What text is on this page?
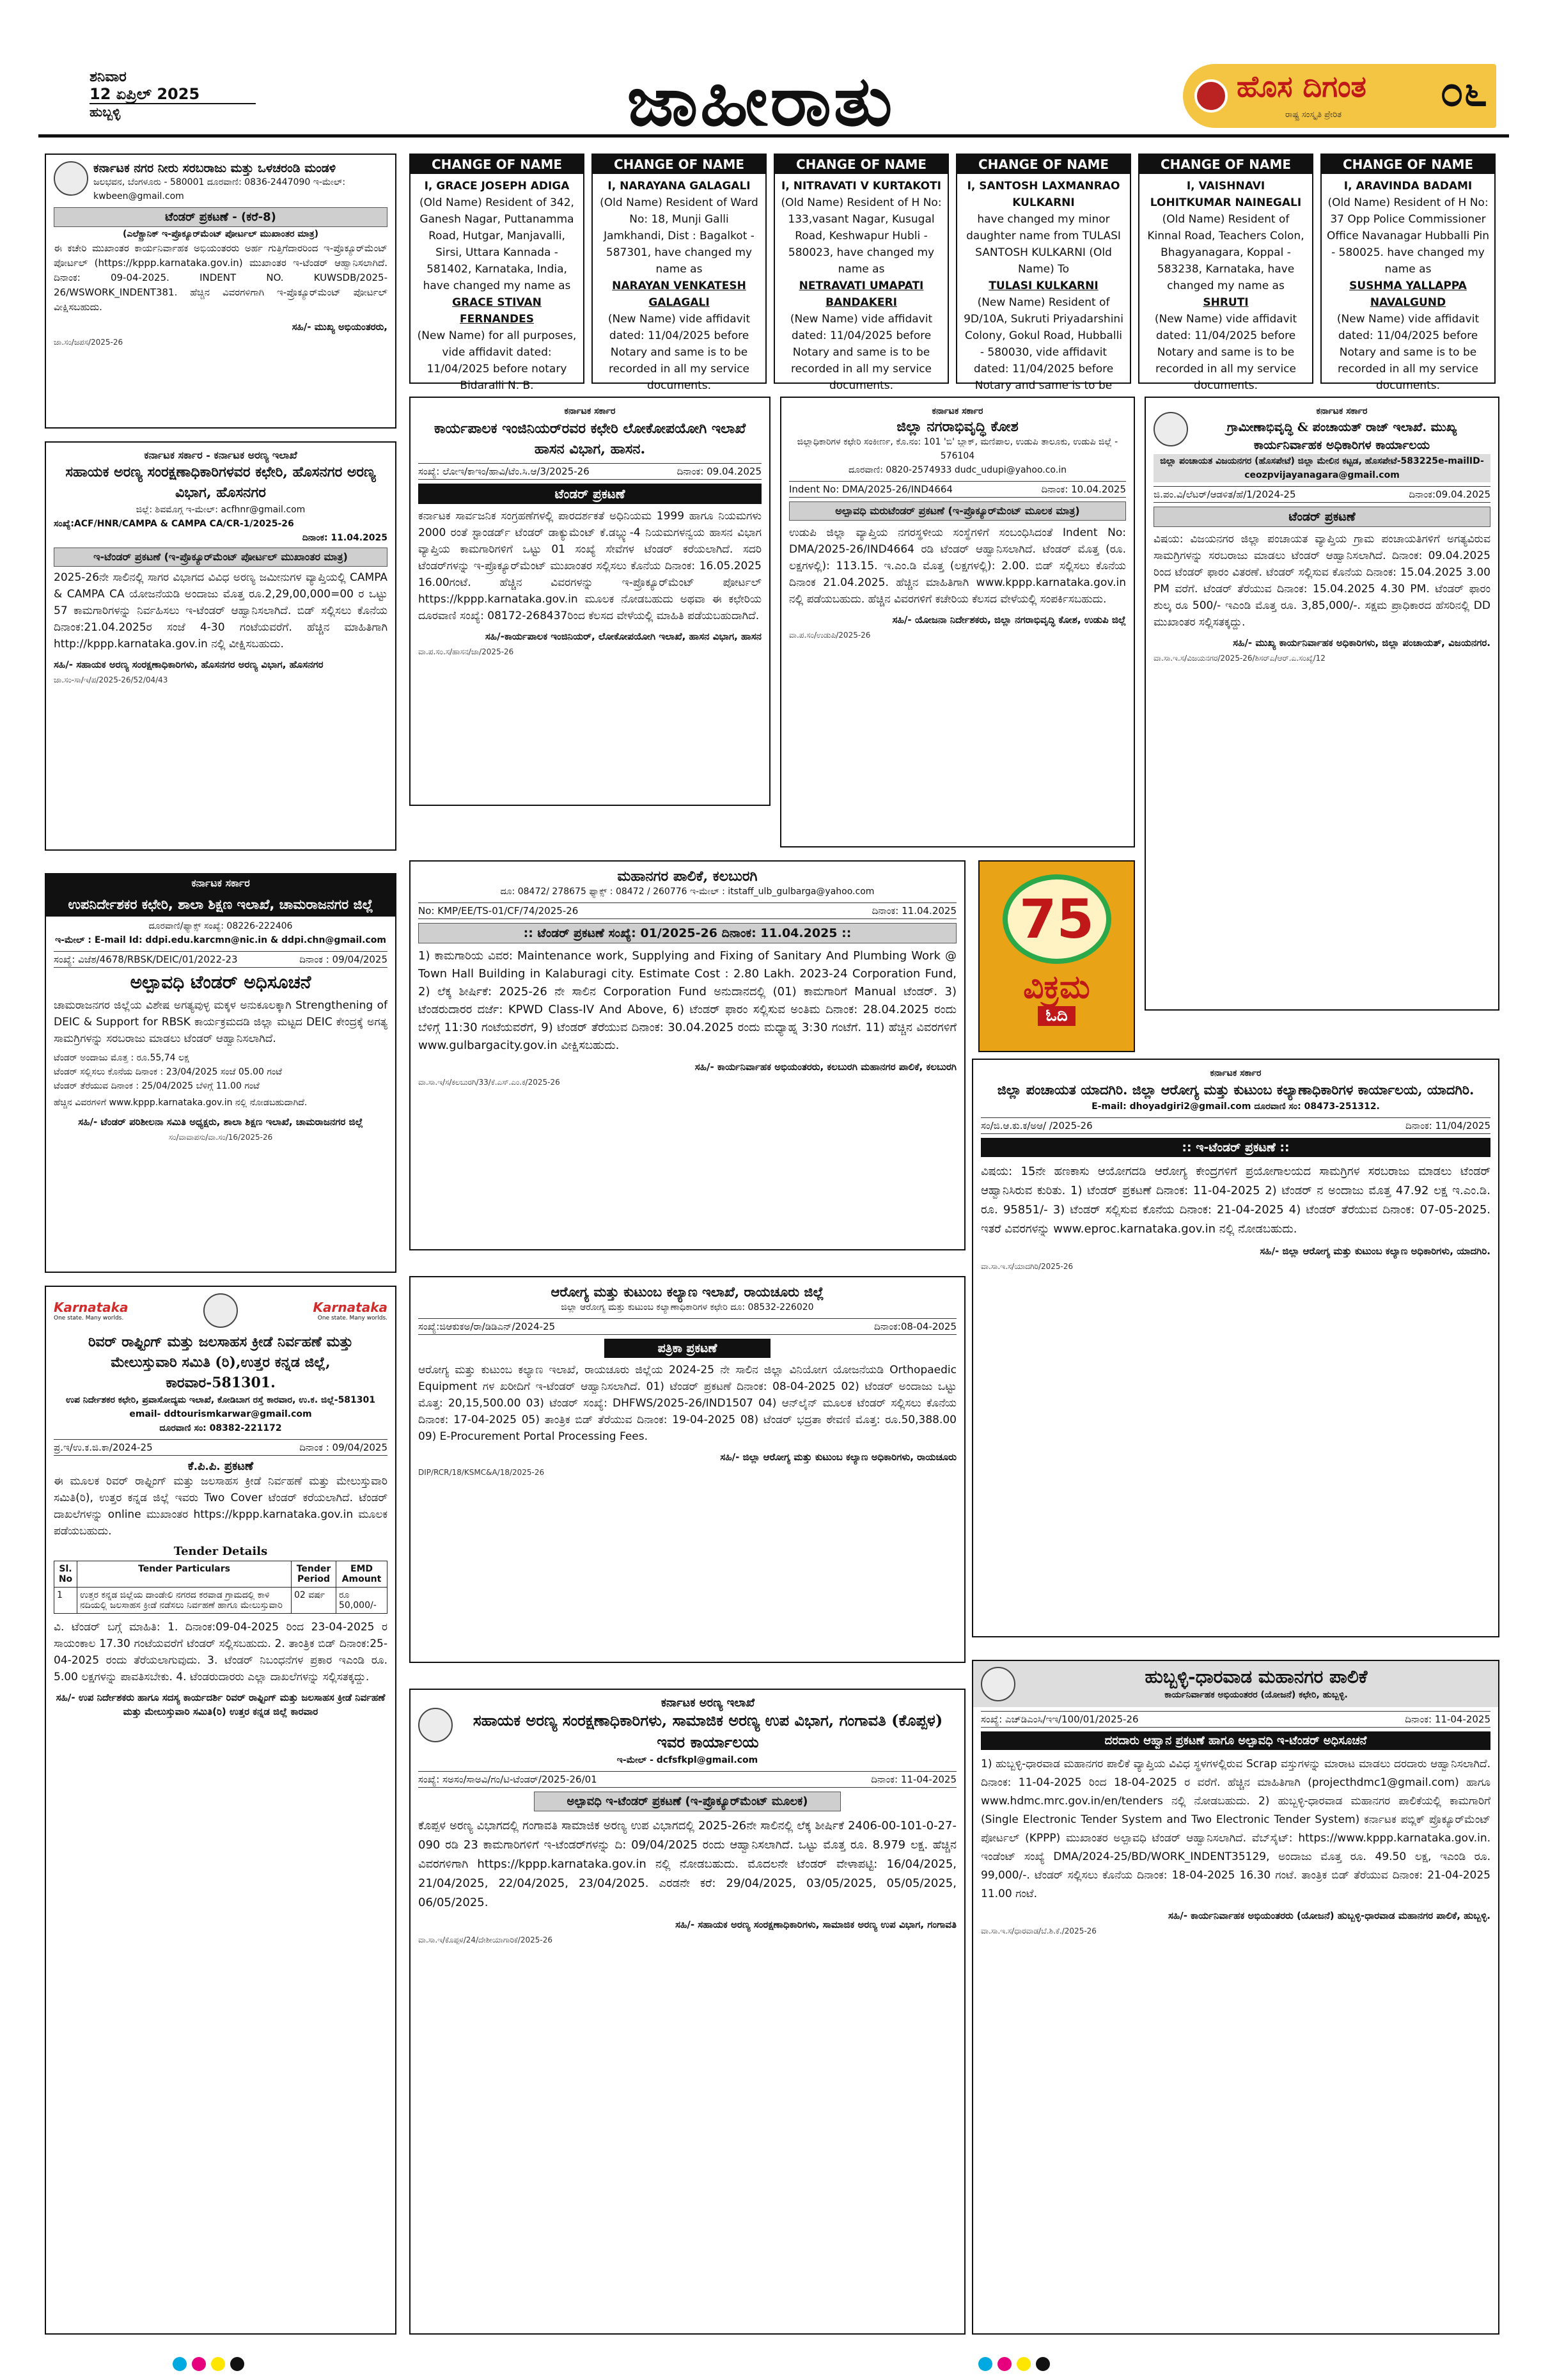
ಶನಿವಾರ
12 ಏಪ್ರಿಲ್ 2025
ಹುಬ್ಬಳ್ಳಿ	ಜಾಹೀರಾತು	ಹೊಸ ದಿಗಂತ
ರಾಷ್ಟ್ರ ಸಂಸ್ಕೃತಿ ಪ್ರೇರಿತ ೦೬
CHANGE OF NAME
I, GRACE JOSEPH ADIGA
(Old Name) Resident of 342, Ganesh Nagar, Puttanamma Road, Hutgar, Manjavalli, Sirsi, Uttara Kannada - 581402, Karnataka, India, have changed my name as
GRACE STIVAN FERNANDES
(New Name) for all purposes, vide affidavit dated: 11/04/2025 before notary Bidaralli N. B.
CHANGE OF NAME
I, NARAYANA GALAGALI
(Old Name) Resident of Ward No: 18, Munji Galli Jamkhandi, Dist : Bagalkot - 587301, have changed my name as
NARAYAN VENKATESH GALAGALI
(New Name) vide affidavit dated: 11/04/2025 before Notary and same is to be recorded in all my service documents.
CHANGE OF NAME
I, NITRAVATI V KURTAKOTI
(Old Name) Resident of H No: 133,vasant Nagar, Kusugal Road, Keshwapur Hubli - 580023, have changed my name as
NETRAVATI UMAPATI BANDAKERI
(New Name) vide affidavit dated: 11/04/2025 before Notary and same is to be recorded in all my service documents.
CHANGE OF NAME
I, SANTOSH LAXMANRAO KULKARNI
have changed my minor daughter name from TULASI SANTOSH KULKARNI (Old Name) To
TULASI KULKARNI
(New Name) Resident of 9D/10A, Sukruti Priyadarshini Colony, Gokul Road, Hubballi - 580030, vide affidavit dated: 11/04/2025 before Notary and same is to be
CHANGE OF NAME
I, VAISHNAVI LOHITKUMAR NAINEGALI
(Old Name) Resident of Kinnal Road, Teachers Colon, Bhagyanagara, Koppal - 583238, Karnataka, have changed my name as
SHRUTI
(New Name) vide affidavit dated: 11/04/2025 before Notary and same is to be recorded in all my service documents.
CHANGE OF NAME
I, ARAVINDA BADAMI
(Old Name) Resident of H No: 37 Opp Police Commissioner Office Navanagar Hubballi Pin - 580025. have changed my name as
SUSHMA YALLAPPA NAVALGUND
(New Name) vide affidavit dated: 11/04/2025 before Notary and same is to be recorded in all my service documents.
ಕರ್ನಾಟಕ ನಗರ ನೀರು ಸರಬರಾಜು ಮತ್ತು ಒಳಚರಂಡಿ ಮಂಡಳಿ
ಜಲಭವನ, ಬೆಂಗಳೂರು - 580001 ದೂರವಾಣಿ: 0836-2447090 ಇ-ಮೇಲ್: kwbeen@gmail.com
ಟೆಂಡರ್ ಪ್ರಕಟಣೆ - (ಕರೆ-8)
(ಎಲೆಕ್ಟ್ರಾನಿಕ್ ಇ-ಪ್ರೊಕ್ಯೂರ್‌ಮೆಂಟ್ ಪೋರ್ಟಲ್ ಮುಖಾಂತರ ಮಾತ್ರ)
ಈ ಕಚೇರಿ ಮುಖಾಂತರ ಕಾರ್ಯನಿರ್ವಾಹಕ ಅಭಿಯಂತರರು ಅರ್ಹ ಗುತ್ತಿಗೆದಾರರಿಂದ ಇ-ಪ್ರೊಕ್ಯೂರ್‌ಮೆಂಟ್ ಪೋರ್ಟಲ್ (https://kppp.karnataka.gov.in) ಮುಖಾಂತರ ಇ-ಟೆಂಡರ್ ಆಹ್ವಾನಿಸಲಾಗಿದೆ. ದಿನಾಂಕ: 09-04-2025. INDENT NO. KUWSDB/2025-26/WSWORK_INDENT381. ಹೆಚ್ಚಿನ ವಿವರಗಳಿಗಾಗಿ ಇ-ಪ್ರೊಕ್ಯೂರ್‌ಮೆಂಟ್ ಪೋರ್ಟಲ್ ವೀಕ್ಷಿಸಬಹುದು.
ಸಹಿ/- ಮುಖ್ಯ ಅಭಿಯಂತರರು,
ಜಾ.ಸಂ/ಜಪಸ/2025-26
ಕರ್ನಾಟಕ ಸರ್ಕಾರ - ಕರ್ನಾಟಕ ಅರಣ್ಯ ಇಲಾಖೆ
ಸಹಾಯಕ ಅರಣ್ಯ ಸಂರಕ್ಷಣಾಧಿಕಾರಿಗಳವರ ಕಛೇರಿ, ಹೊಸನಗರ ಅರಣ್ಯ ವಿಭಾಗ, ಹೊಸನಗರ
ಜಿಲ್ಲೆ: ಶಿವಮೊಗ್ಗ ಇ-ಮೇಲ್: acfhnr@gmail.com
ಸಂಖ್ಯೆ:ACF/HNR/CAMPA & CAMPA CA/CR-1/2025-26
ದಿನಾಂಕ: 11.04.2025
ಇ-ಟೆಂಡರ್ ಪ್ರಕಟಣೆ (ಇ-ಪ್ರೊಕ್ಯೂರ್‌ಮೆಂಟ್ ಪೋರ್ಟಲ್ ಮುಖಾಂತರ ಮಾತ್ರ)
2025-26ನೇ ಸಾಲಿನಲ್ಲಿ ಸಾಗರ ವಿಭಾಗದ ವಿವಿಧ ಅರಣ್ಯ ಜಮೀನುಗಳ ವ್ಯಾಪ್ತಿಯಲ್ಲಿ CAMPA & CAMPA CA ಯೋಜನೆಯಡಿ ಅಂದಾಜು ಮೊತ್ತ ರೂ.2,29,00,000=00 ರ ಒಟ್ಟು 57 ಕಾಮಗಾರಿಗಳನ್ನು ನಿರ್ವಹಿಸಲು ಇ-ಟೆಂಡರ್ ಆಹ್ವಾನಿಸಲಾಗಿದೆ. ಬಿಡ್ ಸಲ್ಲಿಸಲು ಕೊನೆಯ ದಿನಾಂಕ:21.04.2025ರ ಸಂಜೆ 4-30 ಗಂಟೆಯವರೆಗೆ. ಹೆಚ್ಚಿನ ಮಾಹಿತಿಗಾಗಿ http://kppp.karnataka.gov.in ನಲ್ಲಿ ವೀಕ್ಷಿಸಬಹುದು.
ಸಹಿ/- ಸಹಾಯಕ ಅರಣ್ಯ ಸಂರಕ್ಷಣಾಧಿಕಾರಿಗಳು, ಹೊಸನಗರ ಅರಣ್ಯ ವಿಭಾಗ, ಹೊಸನಗರ
ಜಾ.ಸಂ-ಸಾ/ಇ/ಪ/2025-26/52/04/43
ಕರ್ನಾಟಕ ಸರ್ಕಾರ
ಉಪನಿರ್ದೇಶಕರ ಕಛೇರಿ, ಶಾಲಾ ಶಿಕ್ಷಣ ಇಲಾಖೆ, ಚಾಮರಾಜನಗರ ಜಿಲ್ಲೆ
ದೂರವಾಣಿ/ಫ್ಯಾಕ್ಸ್ ಸಂಖ್ಯೆ: 08226-222406
ಇ-ಮೇಲ್ : E-mail Id: ddpi.edu.karcmn@nic.in & ddpi.chn@gmail.com
ಸಂಖ್ಯೆ: ವಿಜೆಶ/4678/RBSK/DEIC/01/2022-23	ದಿನಾಂಕ : 09/04/2025
ಅಲ್ಪಾವಧಿ ಟೆಂಡರ್ ಅಧಿಸೂಚನೆ
ಚಾಮರಾಜನಗರ ಜಿಲ್ಲೆಯ ವಿಶೇಷ ಅಗತ್ಯವುಳ್ಳ ಮಕ್ಕಳ ಅನುಕೂಲಕ್ಕಾಗಿ Strengthening of DEIC & Support for RBSK ಕಾರ್ಯಕ್ರಮದಡಿ ಜಿಲ್ಲಾ ಮಟ್ಟದ DEIC ಕೇಂದ್ರಕ್ಕೆ ಅಗತ್ಯ ಸಾಮಗ್ರಿಗಳನ್ನು ಸರಬರಾಜು ಮಾಡಲು ಟೆಂಡರ್ ಆಹ್ವಾನಿಸಲಾಗಿದೆ.
ಟೆಂಡರ್ ಅಂದಾಜು ಮೊತ್ತ : ರೂ.55,74 ಲಕ್ಷ
ಟೆಂಡರ್ ಸಲ್ಲಿಸಲು ಕೊನೆಯ ದಿನಾಂಕ : 23/04/2025 ಸಂಜೆ 05.00 ಗಂಟೆ
ಟೆಂಡರ್ ತೆರೆಯುವ ದಿನಾಂಕ : 25/04/2025 ಬೆಳಿಗ್ಗೆ 11.00 ಗಂಟೆ
ಹೆಚ್ಚಿನ ವಿವರಗಳಿಗೆ www.kppp.karnataka.gov.in ನಲ್ಲಿ ನೋಡಬಹುದಾಗಿದೆ.
ಸಹಿ/- ಟೆಂಡರ್ ಪರಿಶೀಲನಾ ಸಮಿತಿ ಅಧ್ಯಕ್ಷರು, ಶಾಲಾ ಶಿಕ್ಷಣ ಇಲಾಖೆ, ಚಾಮರಾಜನಗರ ಜಿಲ್ಲೆ
ಸಂ/ವಾವಾಪಸು/ವಾ.ಸಂ/16/2025-26
Karnataka
One state. Many worlds.
Karnataka
One state. Many worlds.
ರಿವರ್ ರಾಫ್ಟಿಂಗ್ ಮತ್ತು ಜಲಸಾಹಸ ಕ್ರೀಡೆ ನಿರ್ವಹಣೆ ಮತ್ತು ಮೇಲುಸ್ತುವಾರಿ ಸಮಿತಿ (ರಿ),ಉತ್ತರ ಕನ್ನಡ ಜಿಲ್ಲೆ, ಕಾರವಾರ-581301.
ಉಪ ನಿರ್ದೇಶಕರ ಕಛೇರಿ, ಪ್ರವಾಸೋದ್ಯಮ ಇಲಾಖೆ, ಕೋಡಿಬಾಗ ರಸ್ತೆ ಕಾರವಾರ, ಉ.ಕ. ಜಿಲ್ಲೆ-581301
email- ddtourismkarwar@gmail.com
ದೂರವಾಣಿ ಸಂ: 08382-221172
ಪ್ರ.ಇ/ಉ.ಕ.ಜಿ.ಕಾ/2024-25	ದಿನಾಂಕ : 09/04/2025
ಕೆ.ಪಿ.ಪಿ. ಪ್ರಕಟಣೆ
ಈ ಮೂಲಕ ರಿವರ್ ರಾಫ್ಟಿಂಗ್ ಮತ್ತು ಜಲಸಾಹಸ ಕ್ರೀಡೆ ನಿರ್ವಹಣೆ ಮತ್ತು ಮೇಲುಸ್ತುವಾರಿ ಸಮಿತಿ(ರಿ), ಉತ್ತರ ಕನ್ನಡ ಜಿಲ್ಲೆ ಇವರು Two Cover ಟೆಂಡರ್ ಕರೆಯಲಾಗಿದೆ. ಟೆಂಡರ್ ದಾಖಲೆಗಳನ್ನು online ಮುಖಾಂತರ https://kppp.karnataka.gov.in ಮೂಲಕ ಪಡೆಯಬಹುದು.
Tender Details
Sl. No	Tender Particulars	Tender Period	EMD Amount
1	ಉತ್ತರ ಕನ್ನಡ ಜಿಲ್ಲೆಯ ದಾಂಡೇಲಿ ನಗರದ ಕರವಾಡ ಗ್ರಾಮದಲ್ಲಿ ಕಾಳಿ ನದಿಯಲ್ಲಿ ಜಲಸಾಹಸ ಕ್ರೀಡೆ ನಡೆಸಲು ನಿರ್ವಹಣೆ ಹಾಗೂ ಮೇಲುಸ್ತುವಾರಿ	02 ವರ್ಷ	ರೂ 50,000/-
ವಿ. ಟೆಂಡರ್ ಬಗ್ಗೆ ಮಾಹಿತಿ: 1. ದಿನಾಂಕ:09-04-2025 ರಿಂದ 23-04-2025 ರ ಸಾಯಂಕಾಲ 17.30 ಗಂಟೆಯವರೆಗೆ ಟೆಂಡರ್ ಸಲ್ಲಿಸಬಹುದು. 2. ತಾಂತ್ರಿಕ ಬಿಡ್ ದಿನಾಂಕ:25-04-2025 ರಂದು ತೆರೆಯಲಾಗುವುದು. 3. ಟೆಂಡರ್ ನಿಬಂಧನೆಗಳ ಪ್ರಕಾರ ಇಎಂಡಿ ರೂ. 5.00 ಲಕ್ಷಗಳನ್ನು ಪಾವತಿಸಬೇಕು. 4. ಟೆಂಡರುದಾರರು ಎಲ್ಲಾ ದಾಖಲೆಗಳನ್ನು ಸಲ್ಲಿಸತಕ್ಕದ್ದು.
ಸಹಿ/- ಉಪ ನಿರ್ದೇಶಕರು ಹಾಗೂ ಸದಸ್ಯ ಕಾರ್ಯದರ್ಶಿ ರಿವರ್ ರಾಫ್ಟಿಂಗ್ ಮತ್ತು ಜಲಸಾಹಸ ಕ್ರೀಡೆ ನಿರ್ವಹಣೆ ಮತ್ತು ಮೇಲುಸ್ತುವಾರಿ ಸಮಿತಿ(ರಿ) ಉತ್ತರ ಕನ್ನಡ ಜಿಲ್ಲೆ ಕಾರವಾರ
ಕರ್ನಾಟಕ ಸರ್ಕಾರ
ಕಾರ್ಯಪಾಲಕ ಇಂಜಿನಿಯರ್‌ರವರ ಕಛೇರಿ ಲೋಕೋಪಯೋಗಿ ಇಲಾಖೆ ಹಾಸನ ವಿಭಾಗ, ಹಾಸನ.
ಸಂಖ್ಯೆ: ಲೋಇ/ಕಾಇಂ/ಹಾವಿ/ಟೆಂ.ಸಿ.ಆ/3/2025-26	ದಿನಾಂಕ: 09.04.2025
ಟೆಂಡರ್ ಪ್ರಕಟಣೆ
ಕರ್ನಾಟಕ ಸಾರ್ವಜನಿಕ ಸಂಗ್ರಹಣೆಗಳಲ್ಲಿ ಪಾರದರ್ಶಕತೆ ಅಧಿನಿಯಮ 1999 ಹಾಗೂ ನಿಯಮಗಳು 2000 ರಂತೆ ಸ್ಟಾಂಡರ್ಡ್ ಟೆಂಡರ್ ಡಾಕ್ಯುಮೆಂಟ್ ಕೆ.ಡಬ್ಲ್ಯು-4 ನಿಯಮಗಳನ್ವಯ ಹಾಸನ ವಿಭಾಗ ವ್ಯಾಪ್ತಿಯ ಕಾಮಗಾರಿಗಳಿಗೆ ಒಟ್ಟು 01 ಸಂಖ್ಯೆ ಸೇವೆಗಳ ಟೆಂಡರ್ ಕರೆಯಲಾಗಿದೆ. ಸದರಿ ಟೆಂಡರ್‌ಗಳನ್ನು ಇ-ಪ್ರೊಕ್ಯೂರ್‌ಮೆಂಟ್ ಮುಖಾಂತರ ಸಲ್ಲಿಸಲು ಕೊನೆಯ ದಿನಾಂಕ: 16.05.2025 16.00ಗಂಟೆ. ಹೆಚ್ಚಿನ ವಿವರಗಳನ್ನು ಇ-ಪ್ರೊಕ್ಯೂರ್‌ಮೆಂಟ್ ಪೋರ್ಟಲ್ https://kppp.karnataka.gov.in ಮೂಲಕ ನೋಡಬಹುದು ಅಥವಾ ಈ ಕಛೇರಿಯ ದೂರವಾಣಿ ಸಂಖ್ಯೆ: 08172-268437ರಿಂದ ಕೆಲಸದ ವೇಳೆಯಲ್ಲಿ ಮಾಹಿತಿ ಪಡೆಯಬಹುದಾಗಿದೆ.
ಸಹಿ/-ಕಾರ್ಯಪಾಲಕ ಇಂಜಿನಿಯರ್, ಲೋಕೋಪಯೋಗಿ ಇಲಾಖೆ, ಹಾಸನ ವಿಭಾಗ, ಹಾಸನ
ವಾ.ಪ.ಸಂ.ಸ/ಹಾಸನ/ಜಾ/2025-26
ಮಹಾನಗರ ಪಾಲಿಕೆ, ಕಲಬುರಗಿ
ದೂ: 08472/ 278675 ಫ್ಯಾಕ್ಸ್ : 08472 / 260776 ಇ-ಮೇಲ್ : itstaff_ulb_gulbarga@yahoo.com
No: KMP/EE/TS-01/CF/74/2025-26	ದಿನಾಂಕ: 11.04.2025
:: ಟೆಂಡರ್ ಪ್ರಕಟಣೆ ಸಂಖ್ಯೆ: 01/2025-26 ದಿನಾಂಕ: 11.04.2025 ::
1) ಕಾಮಗಾರಿಯ ವಿವರ: Maintenance work, Supplying and Fixing of Sanitary And Plumbing Work @ Town Hall Building in Kalaburagi city. Estimate Cost : 2.80 Lakh. 2023-24 Corporation Fund, 2) ಲೆಕ್ಕ ಶೀರ್ಷಿಕೆ: 2025-26 ನೇ ಸಾಲಿನ Corporation Fund ಅನುದಾನದಲ್ಲಿ (01) ಕಾಮಗಾರಿಗೆ Manual ಟೆಂಡರ್. 3) ಟೆಂಡರುದಾರರ ದರ್ಜೆ: KPWD Class-IV And Above, 6) ಟೆಂಡರ್ ಫಾರಂ ಸಲ್ಲಿಸುವ ಅಂತಿಮ ದಿನಾಂಕ: 28.04.2025 ರಂದು ಬೆಳಿಗ್ಗೆ 11:30 ಗಂಟೆಯವರೆಗೆ, 9) ಟೆಂಡರ್ ತೆರೆಯುವ ದಿನಾಂಕ: 30.04.2025 ರಂದು ಮಧ್ಯಾಹ್ನ 3:30 ಗಂಟೆಗೆ. 11) ಹೆಚ್ಚಿನ ವಿವರಗಳಿಗೆ www.gulbargacity.gov.in ವೀಕ್ಷಿಸಬಹುದು.
ಸಹಿ/- ಕಾರ್ಯನಿರ್ವಾಹಕ ಅಭಿಯಂತರರು, ಕಲಬುರಗಿ ಮಹಾನಗರ ಪಾಲಿಕೆ, ಕಲಬುರಗಿ
ವಾ.ಸಾ.ಇ/ಸ/ಕಲಬುರಗಿ/33/ಕೆ.ಎಸ್.ಎಂ.ಕ/2025-26
ಆರೋಗ್ಯ ಮತ್ತು ಕುಟುಂಬ ಕಲ್ಯಾಣ ಇಲಾಖೆ, ರಾಯಚೂರು ಜಿಲ್ಲೆ
ಜಿಲ್ಲಾ ಆರೋಗ್ಯ ಮತ್ತು ಕುಟುಂಬ ಕಲ್ಯಾಣಾಧಿಕಾರಿಗಳ ಕಛೇರಿ ದೂ: 08532-226020
ಸಂಖ್ಯೆ:ಜಿಆಕುಕಅ/ರಾ/ಡಿಡಿಎನ್/2024-25	ದಿನಾಂಕ:08-04-2025
ಪತ್ರಿಕಾ ಪ್ರಕಟಣೆ
ಆರೋಗ್ಯ ಮತ್ತು ಕುಟುಂಬ ಕಲ್ಯಾಣ ಇಲಾಖೆ, ರಾಯಚೂರು ಜಿಲ್ಲೆಯ 2024-25 ನೇ ಸಾಲಿನ ಜಿಲ್ಲಾ ವಿನಿಯೋಗ ಯೋಜನೆಯಡಿ Orthopaedic Equipment ಗಳ ಖರೀದಿಗೆ ಇ-ಟೆಂಡರ್ ಆಹ್ವಾನಿಸಲಾಗಿದೆ. 01) ಟೆಂಡರ್ ಪ್ರಕಟಣೆ ದಿನಾಂಕ: 08-04-2025 02) ಟೆಂಡರ್ ಅಂದಾಜು ಒಟ್ಟು ಮೊತ್ತ: 20,15,500.00 03) ಟೆಂಡರ್ ಸಂಖ್ಯೆ: DHFWS/2025-26/IND1507 04) ಆನ್‌ಲೈನ್ ಮೂಲಕ ಟೆಂಡರ್ ಸಲ್ಲಿಸಲು ಕೊನೆಯ ದಿನಾಂಕ: 17-04-2025 05) ತಾಂತ್ರಿಕ ಬಿಡ್ ತೆರೆಯುವ ದಿನಾಂಕ: 19-04-2025 08) ಟೆಂಡರ್ ಭದ್ರತಾ ಠೇವಣಿ ಮೊತ್ತ: ರೂ.50,388.00 09) E-Procurement Portal Processing Fees.
ಸಹಿ/- ಜಿಲ್ಲಾ ಆರೋಗ್ಯ ಮತ್ತು ಕುಟುಂಬ ಕಲ್ಯಾಣ ಅಧಿಕಾರಿಗಳು, ರಾಯಚೂರು
DIP/RCR/18/KSMC&A/18/2025-26
ಕರ್ನಾಟಕ ಅರಣ್ಯ ಇಲಾಖೆ
ಸಹಾಯಕ ಅರಣ್ಯ ಸಂರಕ್ಷಣಾಧಿಕಾರಿಗಳು, ಸಾಮಾಜಿಕ ಅರಣ್ಯ ಉಪ ವಿಭಾಗ, ಗಂಗಾವತಿ (ಕೊಪ್ಪಳ) ಇವರ ಕಾರ್ಯಾಲಯ
ಇ-ಮೇಲ್ - dcfsfkpl@gmail.com
ಸಂಖ್ಯೆ: ಸಅಸಂ/ಸಾಅವಿ/ಗಂ/ಟಿ-ಟೆಂಡರ್/2025-26/01	ದಿನಾಂಕ: 11-04-2025
ಅಲ್ಪಾವಧಿ ಇ-ಟೆಂಡರ್ ಪ್ರಕಟಣೆ (ಇ-ಪ್ರೊಕ್ಯೂರ್‌ಮೆಂಟ್ ಮೂಲಕ)
ಕೊಪ್ಪಳ ಅರಣ್ಯ ವಿಭಾಗದಲ್ಲಿ ಗಂಗಾವತಿ ಸಾಮಾಜಿಕ ಅರಣ್ಯ ಉಪ ವಿಭಾಗದಲ್ಲಿ 2025-26ನೇ ಸಾಲಿನಲ್ಲಿ ಲೆಕ್ಕ ಶೀರ್ಷಿಕೆ 2406-00-101-0-27-090 ರಡಿ 23 ಕಾಮಗಾರಿಗಳಿಗೆ ಇ-ಟೆಂಡರ್‌ಗಳನ್ನು ದಿ: 09/04/2025 ರಂದು ಆಹ್ವಾನಿಸಲಾಗಿದೆ. ಒಟ್ಟು ಮೊತ್ತ ರೂ. 8.979 ಲಕ್ಷ. ಹೆಚ್ಚಿನ ವಿವರಗಳಿಗಾಗಿ https://kppp.karnataka.gov.in ನಲ್ಲಿ ನೋಡಬಹುದು. ಮೊದಲನೇ ಟೆಂಡರ್ ವೇಳಾಪಟ್ಟಿ: 16/04/2025, 21/04/2025, 22/04/2025, 23/04/2025. ಎರಡನೇ ಕರೆ: 29/04/2025, 03/05/2025, 05/05/2025, 06/05/2025.
ಸಹಿ/- ಸಹಾಯಕ ಅರಣ್ಯ ಸಂರಕ್ಷಣಾಧಿಕಾರಿಗಳು, ಸಾಮಾಜಿಕ ಅರಣ್ಯ ಉಪ ವಿಭಾಗ, ಗಂಗಾವತಿ
ವಾ.ಸಾ.ಇ/ಕೊಪ್ಪಳ/24/ದೇಶೀಯಾಗಾರಿಕೆ/2025-26
ಕರ್ನಾಟಕ ಸರ್ಕಾರ
ಜಿಲ್ಲಾ ನಗರಾಭಿವೃದ್ಧಿ ಕೋಶ
ಜಿಲ್ಲಾಧಿಕಾರಿಗಳ ಕಛೇರಿ ಸಂಕೀರ್ಣ, ಕೊ.ನಂ: 101 'ಬಿ' ಬ್ಲಾಕ್, ಮಣಿಪಾಲ, ಉಡುಪಿ ತಾಲೂಕು, ಉಡುಪಿ ಜಿಲ್ಲೆ - 576104
ದೂರವಾಣಿ: 0820-2574933 dudc_udupi@yahoo.co.in
Indent No: DMA/2025-26/IND4664	ದಿನಾಂಕ: 10.04.2025
ಅಲ್ಪಾವಧಿ ಮರುಟೆಂಡರ್ ಪ್ರಕಟಣೆ (ಇ-ಪ್ರೊಕ್ಯೂರ್‌ಮೆಂಟ್ ಮೂಲಕ ಮಾತ್ರ)
ಉಡುಪಿ ಜಿಲ್ಲಾ ವ್ಯಾಪ್ತಿಯ ನಗರಸ್ಥಳೀಯ ಸಂಸ್ಥೆಗಳಿಗೆ ಸಂಬಂಧಿಸಿದಂತೆ Indent No: DMA/2025-26/IND4664 ರಡಿ ಟೆಂಡರ್ ಆಹ್ವಾನಿಸಲಾಗಿದೆ. ಟೆಂಡರ್ ಮೊತ್ತ (ರೂ. ಲಕ್ಷಗಳಲ್ಲಿ): 113.15. ಇ.ಎಂ.ಡಿ ಮೊತ್ತ (ಲಕ್ಷಗಳಲ್ಲಿ): 2.00. ಬಿಡ್ ಸಲ್ಲಿಸಲು ಕೊನೆಯ ದಿನಾಂಕ 21.04.2025. ಹೆಚ್ಚಿನ ಮಾಹಿತಿಗಾಗಿ www.kppp.karnataka.gov.in ನಲ್ಲಿ ಪಡೆಯಬಹುದು. ಹೆಚ್ಚಿನ ವಿವರಗಳಿಗೆ ಕಚೇರಿಯ ಕೆಲಸದ ವೇಳೆಯಲ್ಲಿ ಸಂಪರ್ಕಿಸಬಹುದು.
ಸಹಿ/- ಯೋಜನಾ ನಿರ್ದೇಶಕರು, ಜಿಲ್ಲಾ ನಗರಾಭಿವೃದ್ಧಿ ಕೋಶ, ಉಡುಪಿ ಜಿಲ್ಲೆ
ವಾ.ಪ.ಸಂ/ಉಡುಪಿ/2025-26
75
ವಿಕ್ರಮ
ಓದಿ
ಕರ್ನಾಟಕ ಸರ್ಕಾರ
ಗ್ರಾಮೀಣಾಭಿವೃದ್ಧಿ & ಪಂಚಾಯತ್ ರಾಜ್ ಇಲಾಖೆ. ಮುಖ್ಯ ಕಾರ್ಯನಿರ್ವಾಹಕ ಅಧಿಕಾರಿಗಳ ಕಾರ್ಯಾಲಯ
ಜಿಲ್ಲಾ ಪಂಚಾಯತ ವಿಜಯನಗರ (ಹೊಸಪೇಟೆ) ಜಿಲ್ಲಾ ಮೇಲಿನ ಕಟ್ಟಡ, ಹೊಸಪೇಟೆ-583225e-mailID-ceozpvijayanagara@gmail.com
ಜಿ.ಪಂ.ವಿ/ಲೆಟರ್/ಆಡಳಿತ/ಹೆ/1/2024-25	ದಿನಾಂಕ:09.04.2025
ಟೆಂಡರ್ ಪ್ರಕಟಣೆ
ವಿಷಯ: ವಿಜಯನಗರ ಜಿಲ್ಲಾ ಪಂಚಾಯತ ವ್ಯಾಪ್ತಿಯ ಗ್ರಾಮ ಪಂಚಾಯತಿಗಳಿಗೆ ಅಗತ್ಯವಿರುವ ಸಾಮಗ್ರಿಗಳನ್ನು ಸರಬರಾಜು ಮಾಡಲು ಟೆಂಡರ್ ಆಹ್ವಾನಿಸಲಾಗಿದೆ. ದಿನಾಂಕ: 09.04.2025 ರಿಂದ ಟೆಂಡರ್ ಫಾರಂ ವಿತರಣೆ. ಟೆಂಡರ್ ಸಲ್ಲಿಸುವ ಕೊನೆಯ ದಿನಾಂಕ: 15.04.2025 3.00 PM ವರೆಗೆ. ಟೆಂಡರ್ ತೆರೆಯುವ ದಿನಾಂಕ: 15.04.2025 4.30 PM. ಟೆಂಡರ್ ಫಾರಂ ಶುಲ್ಕ ರೂ 500/- ಇಎಂಡಿ ಮೊತ್ತ ರೂ. 3,85,000/-. ಸಕ್ಷಮ ಪ್ರಾಧಿಕಾರದ ಹೆಸರಿನಲ್ಲಿ DD ಮುಖಾಂತರ ಸಲ್ಲಿಸತಕ್ಕದ್ದು.
ಸಹಿ/- ಮುಖ್ಯ ಕಾರ್ಯನಿರ್ವಾಹಕ ಅಧಿಕಾರಿಗಳು, ಜಿಲ್ಲಾ ಪಂಚಾಯತ್, ವಿಜಯನಗರ.
ವಾ.ಸಾ.ಇ.ಸ/ವಿಜಯನಗರ/2025-26/ಶಿಸರ್‌ಎ/ಆರ್.ಎ.ಸಂಖ್ಯೆ/12
ಕರ್ನಾಟಕ ಸರ್ಕಾರ
ಜಿಲ್ಲಾ ಪಂಚಾಯತ ಯಾದಗಿರಿ. ಜಿಲ್ಲಾ ಆರೋಗ್ಯ ಮತ್ತು ಕುಟುಂಬ ಕಲ್ಯಾಣಾಧಿಕಾರಿಗಳ ಕಾರ್ಯಾಲಯ, ಯಾದಗಿರಿ.
E-mail: dhoyadgiri2@gmail.com ದೂರವಾಣಿ ಸಂ: 08473-251312.
ಸಂ/ಜಿ.ಆ.ಕು.ಕ/ಅಆ/ /2025-26	ದಿನಾಂಕ: 11/04/2025
:: ಇ-ಟೆಂಡರ್ ಪ್ರಕಟಣೆ ::
ವಿಷಯ: 15ನೇ ಹಣಕಾಸು ಆಯೋಗದಡಿ ಆರೋಗ್ಯ ಕೇಂದ್ರಗಳಿಗೆ ಪ್ರಯೋಗಾಲಯದ ಸಾಮಗ್ರಿಗಳ ಸರಬರಾಜು ಮಾಡಲು ಟೆಂಡರ್ ಆಹ್ವಾನಿಸಿರುವ ಕುರಿತು. 1) ಟೆಂಡರ್ ಪ್ರಕಟಣೆ ದಿನಾಂಕ: 11-04-2025 2) ಟೆಂಡರ್ ನ ಅಂದಾಜು ಮೊತ್ತ 47.92 ಲಕ್ಷ ಇ.ಎಂ.ಡಿ. ರೂ. 95851/- 3) ಟೆಂಡರ್ ಸಲ್ಲಿಸುವ ಕೊನೆಯ ದಿನಾಂಕ: 21-04-2025 4) ಟೆಂಡರ್ ತೆರೆಯುವ ದಿನಾಂಕ: 07-05-2025. ಇತರೆ ವಿವರಗಳನ್ನು www.eproc.karnataka.gov.in ನಲ್ಲಿ ನೋಡಬಹುದು.
ಸಹಿ/- ಜಿಲ್ಲಾ ಆರೋಗ್ಯ ಮತ್ತು ಕುಟುಂಬ ಕಲ್ಯಾಣ ಅಧಿಕಾರಿಗಳು, ಯಾದಗಿರಿ.
ವಾ.ಸಾ.ಇ.ಸ/ಯಾದಗಿರಿ/2025-26
ಹುಬ್ಬಳ್ಳಿ-ಧಾರವಾಡ ಮಹಾನಗರ ಪಾಲಿಕೆ
ಕಾರ್ಯನಿರ್ವಾಹಕ ಅಭಿಯಂತರರ (ಯೋಜನೆ) ಕಛೇರಿ, ಹುಬ್ಬಳ್ಳಿ.
ಸಂಖ್ಯೆ: ಎಚ್‌ಡಿಎಂಸಿ/ಇಇ/100/01/2025-26	ದಿನಾಂಕ: 11-04-2025
ದರದಾರು ಆಹ್ವಾನ ಪ್ರಕಟಣೆ ಹಾಗೂ ಅಲ್ಪಾವಧಿ ಇ-ಟೆಂಡರ್ ಅಧಿಸೂಚನೆ
1) ಹುಬ್ಬಳ್ಳಿ-ಧಾರವಾಡ ಮಹಾನಗರ ಪಾಲಿಕೆ ವ್ಯಾಪ್ತಿಯ ವಿವಿಧ ಸ್ಥಳಗಳಲ್ಲಿರುವ Scrap ವಸ್ತುಗಳನ್ನು ಮಾರಾಟ ಮಾಡಲು ದರದಾರು ಆಹ್ವಾನಿಸಲಾಗಿದೆ. ದಿನಾಂಕ: 11-04-2025 ರಿಂದ 18-04-2025 ರ ವರೆಗೆ. ಹೆಚ್ಚಿನ ಮಾಹಿತಿಗಾಗಿ (projecthdmc1@gmail.com) ಹಾಗೂ www.hdmc.mrc.gov.in/en/tenders ನಲ್ಲಿ ನೋಡಬಹುದು. 2) ಹುಬ್ಬಳ್ಳಿ-ಧಾರವಾಡ ಮಹಾನಗರ ಪಾಲಿಕೆಯಲ್ಲಿ ಕಾಮಗಾರಿಗೆ (Single Electronic Tender System and Two Electronic Tender System) ಕರ್ನಾಟಕ ಪಬ್ಲಿಕ್ ಪ್ರೊಕ್ಯೂರ್‌ಮೆಂಟ್ ಪೋರ್ಟಲ್ (KPPP) ಮುಖಾಂತರ ಅಲ್ಪಾವಧಿ ಟೆಂಡರ್ ಆಹ್ವಾನಿಸಲಾಗಿದೆ. ವೆಬ್‌ಸೈಟ್: https://www.kppp.karnataka.gov.in. ಇಂಡೆಂಟ್ ಸಂಖ್ಯೆ DMA/2024-25/BD/WORK_INDENT35129, ಅಂದಾಜು ಮೊತ್ತ ರೂ. 49.50 ಲಕ್ಷ, ಇಎಂಡಿ ರೂ. 99,000/-. ಟೆಂಡರ್ ಸಲ್ಲಿಸಲು ಕೊನೆಯ ದಿನಾಂಕ: 18-04-2025 16.30 ಗಂಟೆ. ತಾಂತ್ರಿಕ ಬಿಡ್ ತೆರೆಯುವ ದಿನಾಂಕ: 21-04-2025 11.00 ಗಂಟೆ.
ಸಹಿ/- ಕಾರ್ಯನಿರ್ವಾಹಕ ಅಭಿಯಂತರರು (ಯೋಜನೆ) ಹುಬ್ಬಳ್ಳಿ-ಧಾರವಾಡ ಮಹಾನಗರ ಪಾಲಿಕೆ, ಹುಬ್ಬಳ್ಳಿ.
ವಾ.ಸಾ.ಇ.ಸ/ಧಾರವಾಡ/ಬೆ.ಶಿ.ಕೆ./2025-26
